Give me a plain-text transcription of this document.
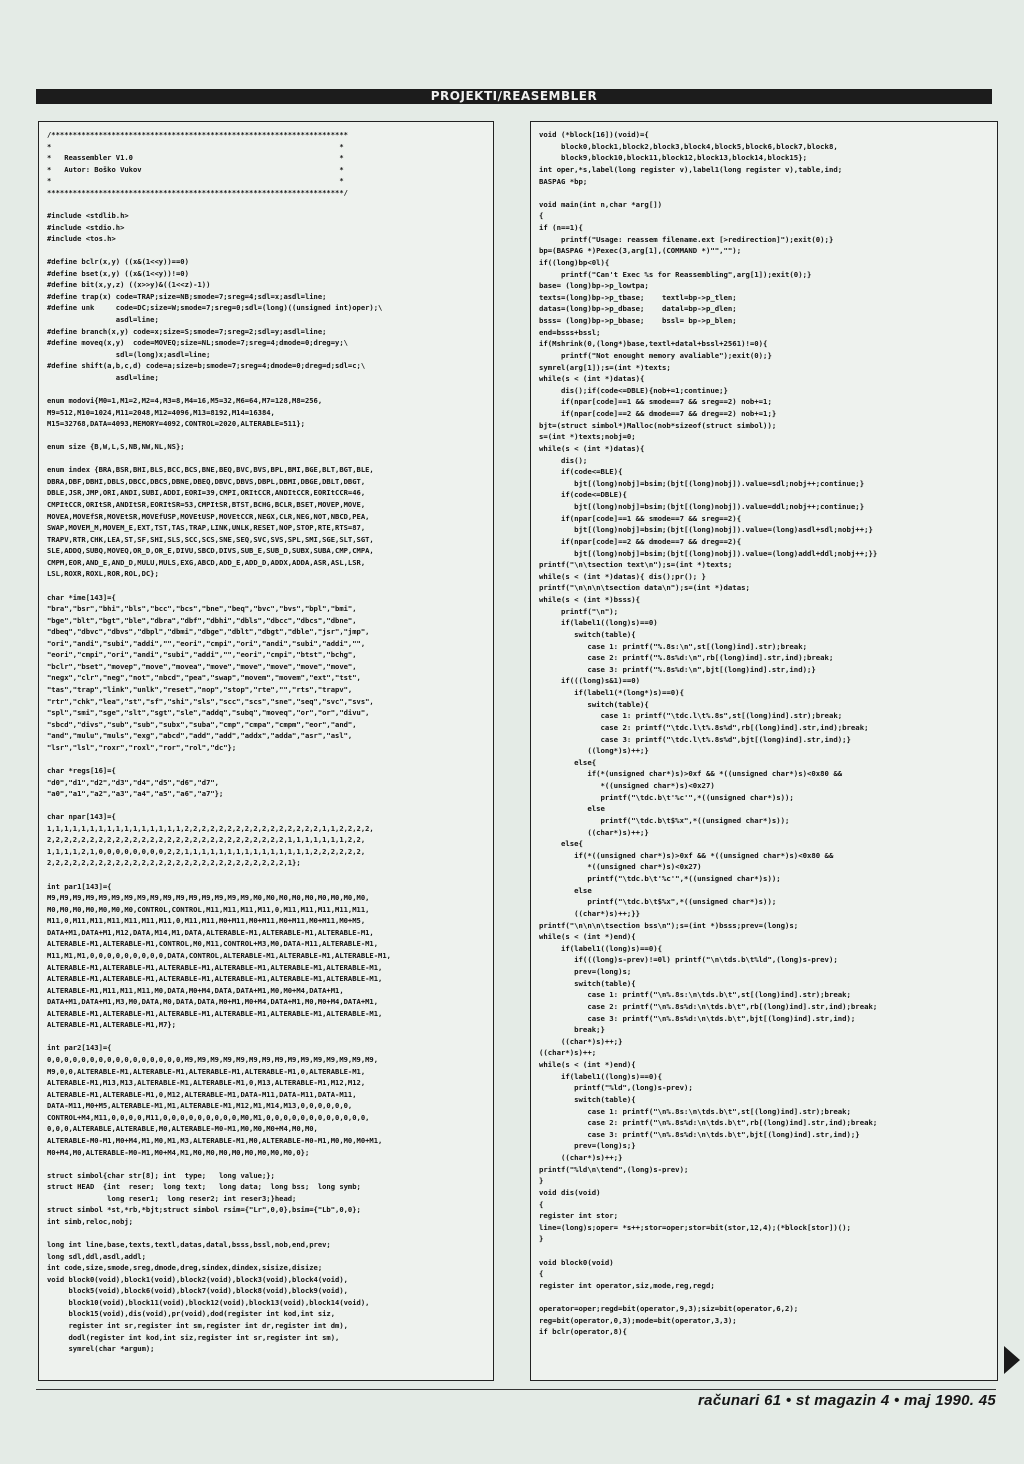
PROJEKTI/REASEMBLER
/*********************************************************************
*                                                                   *
*   Reassembler V1.0                                                *
*   Autor: Boško Vukov                                              *
*                                                                   *
*********************************************************************/

#include <stdlib.h>
#include <stdio.h>
#include <tos.h>

#define bclr(x,y) ((x&(1<<y))==0)
#define bset(x,y) ((x&(1<<y))!=0)
#define bit(x,y,z) ((x>>y)&((1<<z)-1))
#define trap(x) code=TRAP;size=NB;smode=7;sreg=4;sdl=x;asdl=line;
#define unk     code=DC;size=W;smode=7;sreg=0;sdl=(long)((unsigned int)oper);\
asdl=line;
#define branch(x,y) code=x;size=S;smode=7;sreg=2;sdl=y;asdl=line;
#define moveq(x,y)  code=MOVEQ;size=NL;smode=7;sreg=4;dmode=0;dreg=y;\
sdl=(long)x;asdl=line;
#define shift(a,b,c,d) code=a;size=b;smode=7;sreg=4;dmode=0;dreg=d;sdl=c;\
asdl=line;

enum modovi{M0=1,M1=2,M2=4,M3=8,M4=16,M5=32,M6=64,M7=128,M8=256,
M9=512,M10=1024,M11=2048,M12=4096,M13=8192,M14=16384,
M15=32768,DATA=4093,MEMORY=4092,CONTROL=2020,ALTERABLE=511};

enum size {B,W,L,S,NB,NW,NL,NS};

enum index {BRA,BSR,BHI,BLS,BCC,BCS,BNE,BEQ,BVC,BVS,BPL,BMI,BGE,BLT,BGT,BLE,
DBRA,DBF,DBHI,DBLS,DBCC,DBCS,DBNE,DBEQ,DBVC,DBVS,DBPL,DBMI,DBGE,DBLT,DBGT,
DBLE,JSR,JMP,ORI,ANDI,SUBI,ADDI,EORI=39,CMPI,ORItCCR,ANDItCCR,EORItCCR=46,
CMPItCCR,ORItSR,ANDItSR,EORItSR=53,CMPItSR,BTST,BCHG,BCLR,BSET,MOVEP,MOVE,
MOVEA,MOVEfSR,MOVEtSR,MOVEfUSP,MOVEtUSP,MOVEtCCR,NEGX,CLR,NEG,NOT,NBCD,PEA,
SWAP,MOVEM_M,MOVEM_E,EXT,TST,TAS,TRAP,LINK,UNLK,RESET,NOP,STOP,RTE,RTS=87,
TRAPV,RTR,CHK,LEA,ST,SF,SHI,SLS,SCC,SCS,SNE,SEQ,SVC,SVS,SPL,SMI,SGE,SLT,SGT,
SLE,ADDQ,SUBQ,MOVEQ,OR_D,OR_E,DIVU,SBCD,DIVS,SUB_E,SUB_D,SUBX,SUBA,CMP,CMPA,
CMPM,EOR,AND_E,AND_D,MULU,MULS,EXG,ABCD,ADD_E,ADD_D,ADDX,ADDA,ASR,ASL,LSR,
LSL,ROXR,ROXL,ROR,ROL,DC};

char *ime[143]={
"bra","bsr","bhi","bls","bcc","bcs","bne","beq","bvc","bvs","bpl","bmi",
"bge","blt","bgt","ble","dbra","dbf","dbhi","dbls","dbcc","dbcs","dbne",
"dbeq","dbvc","dbvs","dbpl","dbmi","dbge","dblt","dbgt","dble","jsr","jmp",
"ori","andi","subi","addi","","eori","cmpi","ori","andi","subi","addi","",
"eori","cmpi","ori","andi","subi","addi","","eori","cmpi","btst","bchg",
"bclr","bset","movep","move","movea","move","move","move","move","move",
"negx","clr","neg","not","nbcd","pea","swap","movem","movem","ext","tst",
"tas","trap","link","unlk","reset","nop","stop","rte","","rts","trapv",
"rtr","chk","lea","st","sf","shi","sls","scc","scs","sne","seq","svc","svs",
"spl","smi","sge","slt","sgt","sle","addq","subq","moveq","or","or","divu",
"sbcd","divs","sub","sub","subx","suba","cmp","cmpa","cmpm","eor","and",
"and","mulu","muls","exg","abcd","add","add","addx","adda","asr","asl",
"lsr","lsl","roxr","roxl","ror","rol","dc"};

char *regs[16]={
"d0","d1","d2","d3","d4","d5","d6","d7",
"a0","a1","a2","a3","a4","a5","a6","a7"};

char npar[143]={
1,1,1,1,1,1,1,1,1,1,1,1,1,1,1,1,2,2,2,2,2,2,2,2,2,2,2,2,2,2,2,2,1,1,2,2,2,2,
2,2,2,2,2,2,2,2,2,2,2,2,2,2,2,2,2,2,2,2,2,2,2,2,2,2,2,2,1,1,1,1,1,1,1,2,2,
1,1,1,1,2,1,0,0,0,0,0,0,0,0,2,2,1,1,1,1,1,1,1,1,1,1,1,1,1,1,1,2,2,2,2,2,2,
2,2,2,2,2,2,2,2,2,2,2,2,2,2,2,2,2,2,2,2,2,2,2,2,2,2,2,2,1};

int par1[143]={
M9,M9,M9,M9,M9,M9,M9,M9,M9,M9,M9,M9,M9,M9,M9,M9,M0,M0,M0,M0,M0,M0,M0,M0,M0,
M0,M0,M0,M0,M0,M0,M0,CONTROL,CONTROL,M11,M11,M11,M11,0,M11,M11,M11,M11,M11,
M11,0,M11,M11,M11,M11,M11,M11,0,M11,M11,M0+M11,M0+M11,M0+M11,M0+M11,M0+M5,
DATA+M1,DATA+M1,M12,DATA,M14,M1,DATA,ALTERABLE-M1,ALTERABLE-M1,ALTERABLE-M1,
ALTERABLE-M1,ALTERABLE-M1,CONTROL,M0,M11,CONTROL+M3,M0,DATA-M11,ALTERABLE-M1,
M11,M1,M1,0,0,0,0,0,0,0,0,0,DATA,CONTROL,ALTERABLE-M1,ALTERABLE-M1,ALTERABLE-M1,
ALTERABLE-M1,ALTERABLE-M1,ALTERABLE-M1,ALTERABLE-M1,ALTERABLE-M1,ALTERABLE-M1,
ALTERABLE-M1,ALTERABLE-M1,ALTERABLE-M1,ALTERABLE-M1,ALTERABLE-M1,ALTERABLE-M1,
ALTERABLE-M1,M11,M11,M11,M0,DATA,M0+M4,DATA,DATA+M1,M0,M0+M4,DATA+M1,
DATA+M1,DATA+M1,M3,M0,DATA,M0,DATA,DATA,M0+M1,M0+M4,DATA+M1,M0,M0+M4,DATA+M1,
ALTERABLE-M1,ALTERABLE-M1,ALTERABLE-M1,ALTERABLE-M1,ALTERABLE-M1,ALTERABLE-M1,
ALTERABLE-M1,ALTERABLE-M1,M7};

int par2[143]={
0,0,0,0,0,0,0,0,0,0,0,0,0,0,0,0,M9,M9,M9,M9,M9,M9,M9,M9,M9,M9,M9,M9,M9,M9,M9,
M9,0,0,ALTERABLE-M1,ALTERABLE-M1,ALTERABLE-M1,ALTERABLE-M1,0,ALTERABLE-M1,
ALTERABLE-M1,M13,M13,ALTERABLE-M1,ALTERABLE-M1,0,M13,ALTERABLE-M1,M12,M12,
ALTERABLE-M1,ALTERABLE-M1,0,M12,ALTERABLE-M1,DATA-M11,DATA-M11,DATA-M11,
DATA-M11,M0+M5,ALTERABLE-M1,M1,ALTERABLE-M1,M12,M1,M14,M13,0,0,0,0,0,0,
CONTROL+M4,M11,0,0,0,0,M11,0,0,0,0,0,0,0,0,0,M0,M1,0,0,0,0,0,0,0,0,0,0,0,0,
0,0,0,ALTERABLE,ALTERABLE,M0,ALTERABLE-M0-M1,M0,M0,M0+M4,M0,M0,
ALTERABLE-M0-M1,M0+M4,M1,M0,M1,M3,ALTERABLE-M1,M0,ALTERABLE-M0-M1,M0,M0,M0+M1,
M0+M4,M0,ALTERABLE-M0-M1,M0+M4,M1,M0,M0,M0,M0,M0,M0,M0,M0,0};

struct simbol{char str[8]; int  type;   long value;};
struct HEAD  {int  reser;  long text;   long data;  long bss;  long symb;
long reser1;  long reser2; int reser3;}head;
struct simbol *st,*rb,*bjt;struct simbol rsim={"Lr",0,0},bsim={"Lb",0,0};
int simb,reloc,nobj;

long int line,base,texts,textl,datas,datal,bsss,bssl,nob,end,prev;
long sdl,ddl,asdl,addl;
int code,size,smode,sreg,dmode,dreg,sindex,dindex,sisize,disize;
void block0(void),block1(void),block2(void),block3(void),block4(void),
block5(void),block6(void),block7(void),block8(void),block9(void),
block10(void),block11(void),block12(void),block13(void),block14(void),
block15(void),dis(void),pr(void),dod(register int kod,int siz,
register int sr,register int sm,register int dr,register int dm),
dodl(register int kod,int siz,register int sr,register int sm),
symrel(char *argum);
void (*block[16])(void)={
block0,block1,block2,block3,block4,block5,block6,block7,block8,
block9,block10,block11,block12,block13,block14,block15};
int oper,*s,label(long register v),label1(long register v),table,ind;
BASPAG *bp;

void main(int n,char *arg[])
{
if (n==1){
printf("Usage: reassem filename.ext [>redirection]");exit(0);}
bp=(BASPAG *)Pexec(3,arg[1],(COMMAND *)"","");
if((long)bp<0l){
printf("Can't Exec %s for Reassembling",arg[1]);exit(0);}
base= (long)bp->p_lowtpa;
texts=(long)bp->p_tbase;    textl=bp->p_tlen;
datas=(long)bp->p_dbase;    datal=bp->p_dlen;
bsss= (long)bp->p_bbase;    bssl= bp->p_blen;
end=bsss+bssl;
if(Mshrink(0,(long*)base,textl+datal+bssl+2561)!=0){
printf("Not enought memory avaliable");exit(0);}
symrel(arg[1]);s=(int *)texts;
while(s < (int *)datas){
dis();if(code<=DBLE){nob+=1;continue;}
if(npar[code]==1 && smode==7 && sreg==2) nob+=1;
if(npar[code]==2 && dmode==7 && dreg==2) nob+=1;}
bjt=(struct simbol*)Malloc(nob*sizeof(struct simbol));
s=(int *)texts;nobj=0;
while(s < (int *)datas){
dis();
if(code<=BLE){
bjt[(long)nobj]=bsim;(bjt[(long)nobj]).value=sdl;nobj++;continue;}
if(code<=DBLE){
bjt[(long)nobj]=bsim;(bjt[(long)nobj]).value=ddl;nobj++;continue;}
if(npar[code]==1 && smode==7 && sreg==2){
bjt[(long)nobj]=bsim;(bjt[(long)nobj]).value=(long)asdl+sdl;nobj++;}
if(npar[code]==2 && dmode==7 && dreg==2){
bjt[(long)nobj]=bsim;(bjt[(long)nobj]).value=(long)addl+ddl;nobj++;}}
printf("\n\tsection text\n");s=(int *)texts;
while(s < (int *)datas){ dis();pr(); }
printf("\n\n\n\tsection data\n");s=(int *)datas;
while(s < (int *)bsss){
printf("\n");
if(label1((long)s)==0)
switch(table){
case 1: printf("%.8s:\n",st[(long)ind].str);break;
case 2: printf("%.8s%d:\n",rb[(long)ind].str,ind);break;
case 3: printf("%.8s%d:\n",bjt[(long)ind].str,ind);}
if(((long)s&1)==0)
if(label1(*(long*)s)==0){
switch(table){
case 1: printf("\tdc.l\t%.8s",st[(long)ind].str);break;
case 2: printf("\tdc.l\t%.8s%d",rb[(long)ind].str,ind);break;
case 3: printf("\tdc.l\t%.8s%d",bjt[(long)ind].str,ind);}
((long*)s)++;}
else{
if(*(unsigned char*)s)>0xf && *((unsigned char*)s)<0x80 &&
*((unsigned char*)s)<0x27)
printf("\tdc.b\t'%c'",*((unsigned char*)s));
else
printf("\tdc.b\t$%x",*((unsigned char*)s));
((char*)s)++;}
else{
if(*((unsigned char*)s)>0xf && *((unsigned char*)s)<0x80 &&
*((unsigned char*)s)<0x27)
printf("\tdc.b\t'%c'",*((unsigned char*)s));
else
printf("\tdc.b\t$%x",*((unsigned char*)s));
((char*)s)++;}}
printf("\n\n\n\tsection bss\n");s=(int *)bsss;prev=(long)s;
while(s < (int *)end){
if(label1((long)s)==0){
if(((long)s-prev)!=0l) printf("\n\tds.b\t%ld",(long)s-prev);
prev=(long)s;
switch(table){
case 1: printf("\n%.8s:\n\tds.b\t",st[(long)ind].str);break;
case 2: printf("\n%.8s%d:\n\tds.b\t",rb[(long)ind].str,ind);break;
case 3: printf("\n%.8s%d:\n\tds.b\t",bjt[(long)ind].str,ind);
break;}
((char*)s)++;}
((char*)s)++;
while(s < (int *)end){
if(label1((long)s)==0){
printf("%ld",(long)s-prev);
switch(table){
case 1: printf("\n%.8s:\n\tds.b\t",st[(long)ind].str);break;
case 2: printf("\n%.8s%d:\n\tds.b\t",rb[(long)ind].str,ind);break;
case 3: printf("\n%.8s%d:\n\tds.b\t",bjt[(long)ind].str,ind);}
prev=(long)s;}
((char*)s)++;}
printf("%ld\n\tend",(long)s-prev);
}
void dis(void)
{
register int stor;
line=(long)s;oper= *s++;stor=oper;stor=bit(stor,12,4);(*block[stor])();
}

void block0(void)
{
register int operator,siz,mode,reg,regd;

operator=oper;regd=bit(operator,9,3);siz=bit(operator,6,2);
reg=bit(operator,0,3);mode=bit(operator,3,3);
if bclr(operator,8){
računari 61 • st magazin 4 • maj 1990. 45
